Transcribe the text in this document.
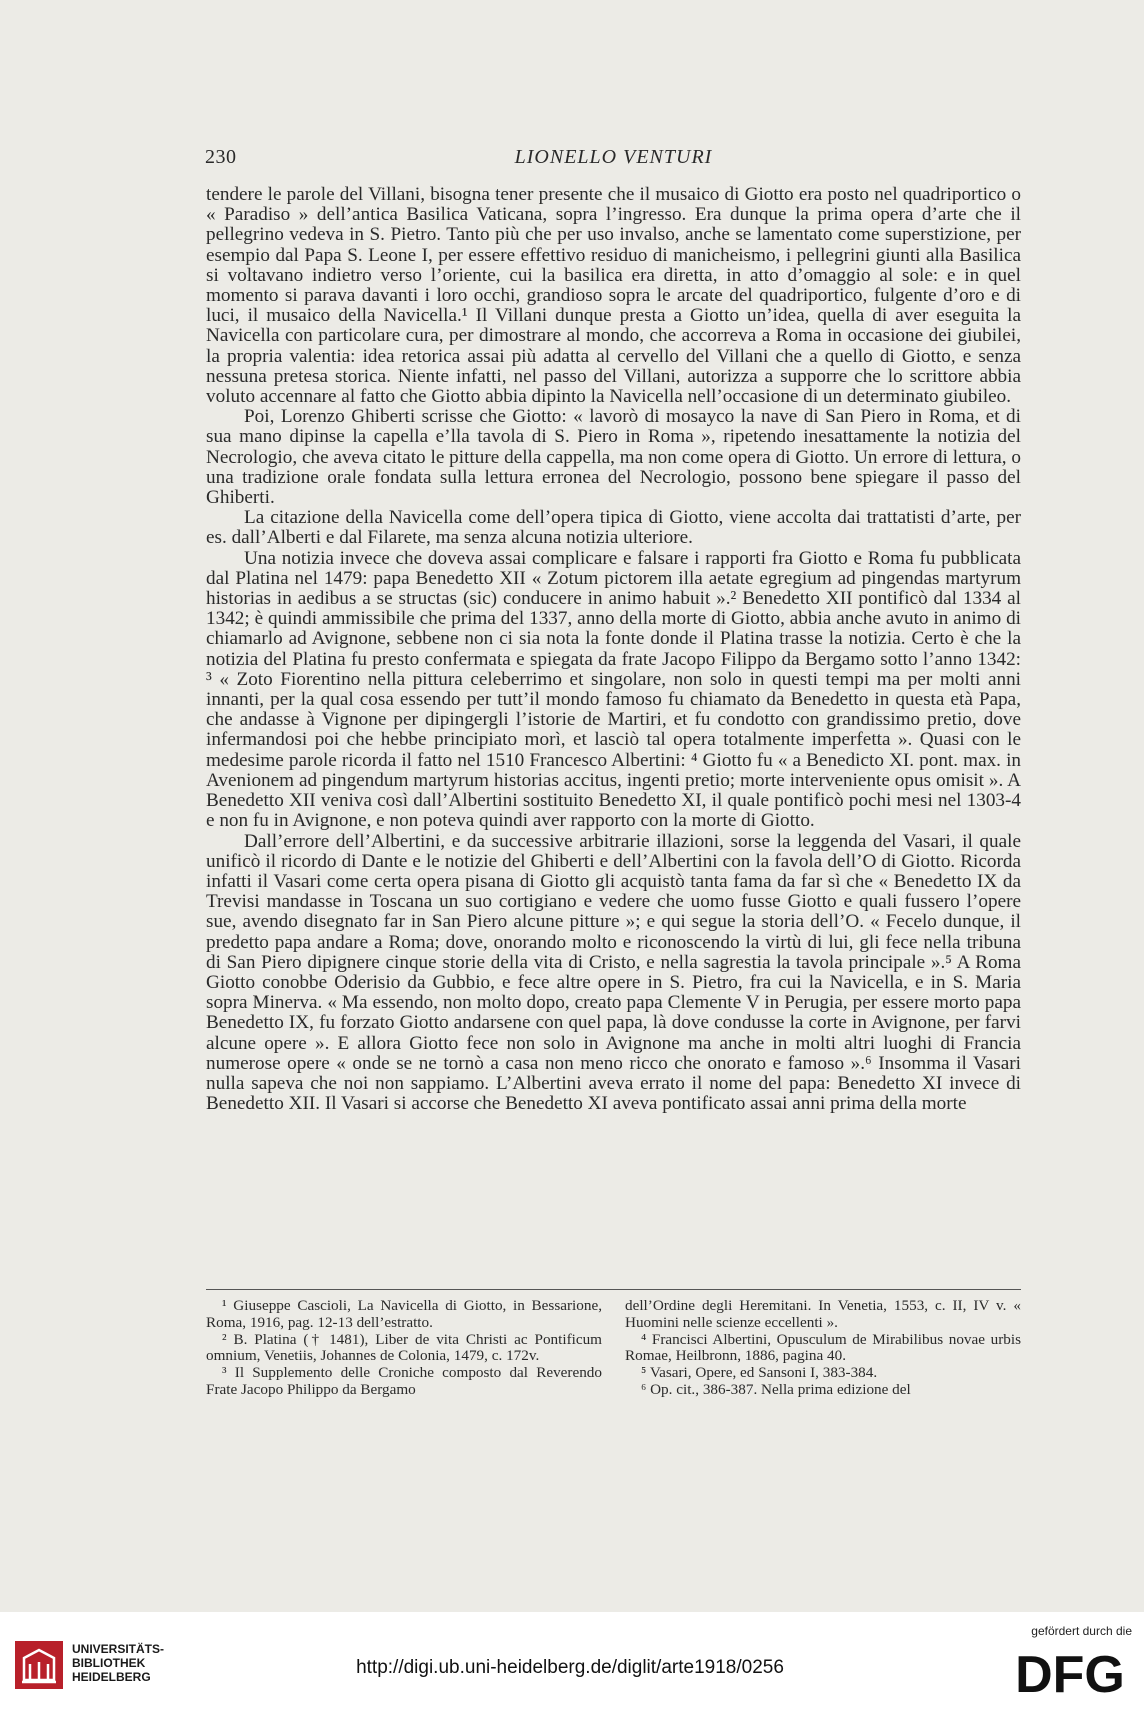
230	LIONELLO VENTURI

tendere le parole del Villani, bisogna tener presente che il musaico di Giotto era posto nel quadriportico o « Paradiso » dell’antica Basilica Vaticana, sopra l’ingresso. Era dunque la prima opera d’arte che il pellegrino vedeva in S. Pietro. Tanto più che per uso invalso, anche se lamentato come superstizione, per esempio dal Papa S. Leone I, per essere effettivo residuo di manicheismo, i pellegrini giunti alla Basilica si voltavano indietro verso l’oriente, cui la basilica era diretta, in atto d’omaggio al sole: e in quel momento si parava davanti i loro occhi, grandioso sopra le arcate del quadriportico, fulgente d’oro e di luci, il musaico della Navicella.¹ Il Villani dunque presta a Giotto un’idea, quella di aver eseguita la Navicella con particolare cura, per dimostrare al mondo, che accorreva a Roma in occasione dei giubilei, la propria valentia: idea retorica assai più adatta al cervello del Villani che a quello di Giotto, e senza nessuna pretesa storica. Niente infatti, nel passo del Villani, autorizza a supporre che lo scrittore abbia voluto accennare al fatto che Giotto abbia dipinto la Navicella nell’occasione di un determinato giubileo.

Poi, Lorenzo Ghiberti scrisse che Giotto: « lavorò di mosayco la nave di San Piero in Roma, et di sua mano dipinse la capella e’lla tavola di S. Piero in Roma », ripetendo inesattamente la notizia del Necrologio, che aveva citato le pitture della cappella, ma non come opera di Giotto. Un errore di lettura, o una tradizione orale fondata sulla lettura erronea del Necrologio, possono bene spiegare il passo del Ghiberti.

La citazione della Navicella come dell’opera tipica di Giotto, viene accolta dai trattatisti d’arte, per es. dall’Alberti e dal Filarete, ma senza alcuna notizia ulteriore.

Una notizia invece che doveva assai complicare e falsare i rapporti fra Giotto e Roma fu pubblicata dal Platina nel 1479: papa Benedetto XII « Zotum pictorem illa aetate egregium ad pingendas martyrum historias in aedibus a se structas (sic) conducere in animo habuit ».² Benedetto XII pontificò dal 1334 al 1342; è quindi ammissibile che prima del 1337, anno della morte di Giotto, abbia anche avuto in animo di chiamarlo ad Avignone, sebbene non ci sia nota la fonte donde il Platina trasse la notizia. Certo è che la notizia del Platina fu presto confermata e spiegata da frate Jacopo Filippo da Bergamo sotto l’anno 1342: ³ « Zoto Fiorentino nella pittura celeberrimo et singolare, non solo in questi tempi ma per molti anni innanti, per la qual cosa essendo per tutt’il mondo famoso fu chiamato da Benedetto in questa età Papa, che andasse à Vignone per dipingergli l’istorie de Martiri, et fu condotto con grandissimo pretio, dove infermandosi poi che hebbe principiato morì, et lasciò tal opera totalmente imperfetta ». Quasi con le medesime parole ricorda il fatto nel 1510 Francesco Albertini: ⁴ Giotto fu « a Benedicto XI. pont. max. in Avenionem ad pingendum martyrum historias accitus, ingenti pretio; morte interveniente opus omisit ». A Benedetto XII veniva così dall’Albertini sostituito Benedetto XI, il quale pontificò pochi mesi nel 1303-4 e non fu in Avignone, e non poteva quindi aver rapporto con la morte di Giotto.

Dall’errore dell’Albertini, e da successive arbitrarie illazioni, sorse la leggenda del Vasari, il quale unificò il ricordo di Dante e le notizie del Ghiberti e dell’Albertini con la favola dell’O di Giotto. Ricorda infatti il Vasari come certa opera pisana di Giotto gli acquistò tanta fama da far sì che « Benedetto IX da Trevisi mandasse in Toscana un suo cortigiano e vedere che uomo fusse Giotto e quali fussero l’opere sue, avendo disegnato far in San Piero alcune pitture »; e qui segue la storia dell’O. « Fecelo dunque, il predetto papa andare a Roma; dove, onorando molto e riconoscendo la virtù di lui, gli fece nella tribuna di San Piero dipignere cinque storie della vita di Cristo, e nella sagrestia la tavola principale ».⁵ A Roma Giotto conobbe Oderisio da Gubbio, e fece altre opere in S. Pietro, fra cui la Navicella, e in S. Maria sopra Minerva. « Ma essendo, non molto dopo, creato papa Clemente V in Perugia, per essere morto papa Benedetto IX, fu forzato Giotto andarsene con quel papa, là dove condusse la corte in Avignone, per farvi alcune opere ». E allora Giotto fece non solo in Avignone ma anche in molti altri luoghi di Francia numerose opere « onde se ne tornò a casa non meno ricco che onorato e famoso ».⁶ Insomma il Vasari nulla sapeva che noi non sappiamo. L’Albertini aveva errato il nome del papa: Benedetto XI invece di Benedetto XII. Il Vasari si accorse che Benedetto XI aveva pontificato assai anni prima della morte

¹ Giuseppe Cascioli, La Navicella di Giotto, in Bessarione, Roma, 1916, pag. 12-13 dell’estratto.

² B. Platina († 1481), Liber de vita Christi ac Pontificum omnium, Venetiis, Johannes de Colonia, 1479, c. 172v.

³ Il Supplemento delle Croniche composto dal Reverendo Frate Jacopo Philippo da Bergamo

dell’Ordine degli Heremitani. In Venetia, 1553, c. II, IV v. « Huomini nelle scienze eccellenti ».

⁴ Francisci Albertini, Opusculum de Mirabilibus novae urbis Romae, Heilbronn, 1886, pagina 40.

⁵ Vasari, Opere, ed Sansoni I, 383-384.

⁶ Op. cit., 386-387. Nella prima edizione del

UNIVERSITÄTS-
BIBLIOTHEK
HEIDELBERG	http://digi.ub.uni-heidelberg.de/diglit/arte1918/0256
gefördert durch die
DFG
